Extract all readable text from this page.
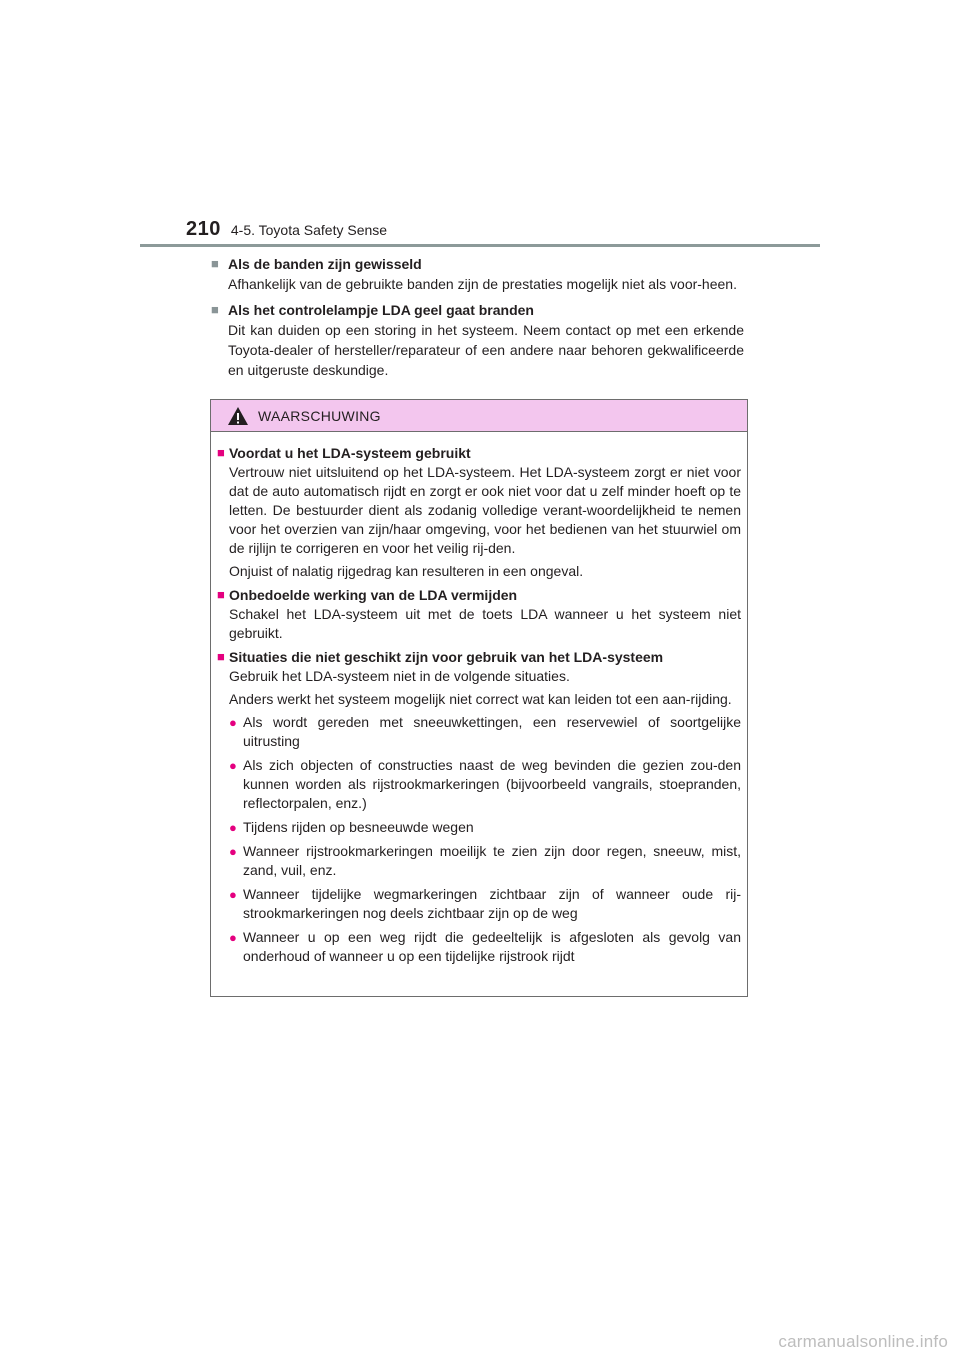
210 4-5. Toyota Safety Sense
■ Als de banden zijn gewisseld

Afhankelijk van de gebruikte banden zijn de prestaties mogelijk niet als voor-heen.

■ Als het controlelampje LDA geel gaat branden

Dit kan duiden op een storing in het systeem. Neem contact op met een erkende Toyota-dealer of hersteller/reparateur of een andere naar behoren gekwalificeerde en uitgeruste deskundige.

WAARSCHUWING
■ Voordat u het LDA-systeem gebruikt

Vertrouw niet uitsluitend op het LDA-systeem. Het LDA-systeem zorgt er niet voor dat de auto automatisch rijdt en zorgt er ook niet voor dat u zelf minder hoeft op te letten. De bestuurder dient als zodanig volledige verant-woordelijkheid te nemen voor het overzien van zijn/haar omgeving, voor het bedienen van het stuurwiel om de rijlijn te corrigeren en voor het veilig rij-den.

Onjuist of nalatig rijgedrag kan resulteren in een ongeval.

■ Onbedoelde werking van de LDA vermijden

Schakel het LDA-systeem uit met de toets LDA wanneer u het systeem niet gebruikt.

■ Situaties die niet geschikt zijn voor gebruik van het LDA-systeem

Gebruik het LDA-systeem niet in de volgende situaties.

Anders werkt het systeem mogelijk niet correct wat kan leiden tot een aan-rijding.

● Als wordt gereden met sneeuwkettingen, een reservewiel of soortgelijke uitrusting
● Als zich objecten of constructies naast de weg bevinden die gezien zou-den kunnen worden als rijstrookmarkeringen (bijvoorbeeld vangrails, stoepranden, reflectorpalen, enz.)
● Tijdens rijden op besneeuwde wegen
● Wanneer rijstrookmarkeringen moeilijk te zien zijn door regen, sneeuw, mist, zand, vuil, enz.
● Wanneer tijdelijke wegmarkeringen zichtbaar zijn of wanneer oude rij-strookmarkeringen nog deels zichtbaar zijn op de weg
● Wanneer u op een weg rijdt die gedeeltelijk is afgesloten als gevolg van onderhoud of wanneer u op een tijdelijke rijstrook rijdt
carmanualsonline.info
